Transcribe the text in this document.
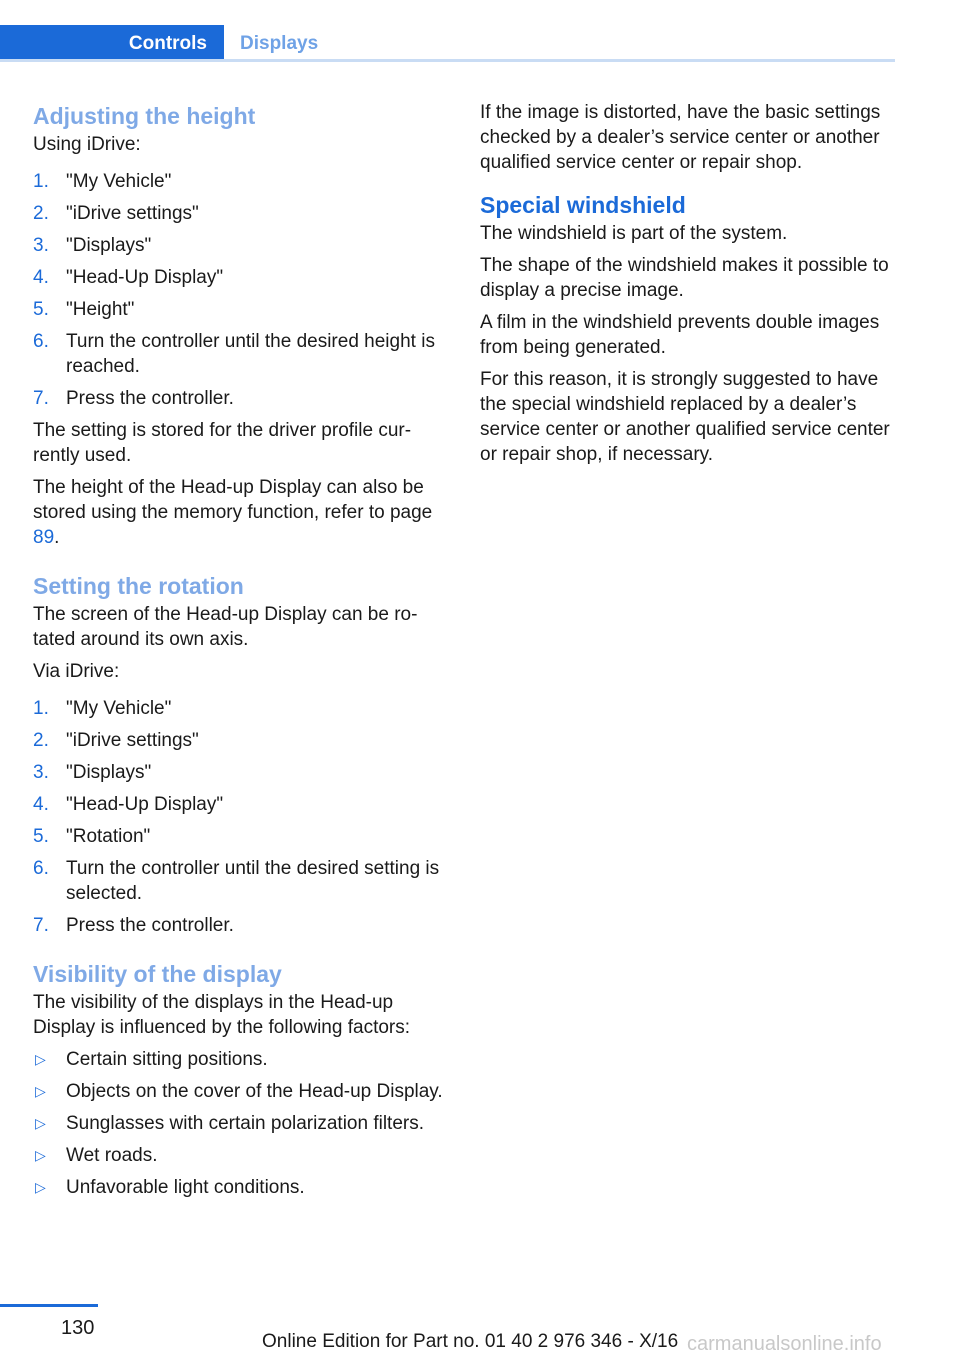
Controls Displays
Adjusting the height

Using iDrive:

1. "My Vehicle"
2. "iDrive settings"
3. "Displays"
4. "Head-Up Display"
5. "Height"
6. Turn the controller until the desired height is reached.
7. Press the controller.

The setting is stored for the driver profile currently used.

The height of the Head-up Display can also be stored using the memory function, refer to page 89.

Setting the rotation

The screen of the Head-up Display can be rotated around its own axis.

Via iDrive:

1. "My Vehicle"
2. "iDrive settings"
3. "Displays"
4. "Head-Up Display"
5. "Rotation"
6. Turn the controller until the desired setting is selected.
7. Press the controller.
Visibility of the display

The visibility of the displays in the Head-up Display is influenced by the following factors:

▷ Certain sitting positions.
▷ Objects on the cover of the Head-up Display.
▷ Sunglasses with certain polarization filters.
▷ Wet roads.
▷ Unfavorable light conditions.

If the image is distorted, have the basic settings checked by a dealer’s service center or another qualified service center or repair shop.

Special windshield

The windshield is part of the system.

The shape of the windshield makes it possible to display a precise image.

A film in the windshield prevents double images from being generated.

For this reason, it is strongly suggested to have the special windshield replaced by a dealer’s service center or another qualified service center or repair shop, if necessary.

130
Online Edition for Part no. 01 40 2 976 346 - X/16 carmanualsonline.info
